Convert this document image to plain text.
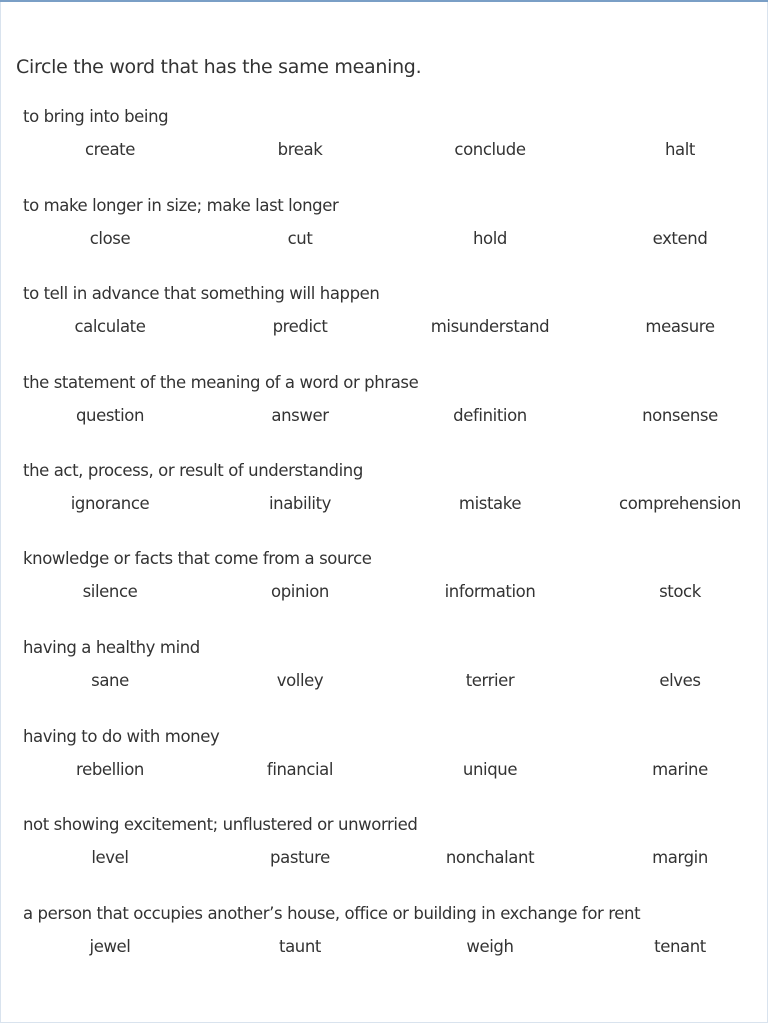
Circle the word that has the same meaning.
to bring into being
create	break	conclude	halt
to make longer in size; make last longer
close	cut	hold	extend
to tell in advance that something will happen
calculate	predict	misunderstand	measure
the statement of the meaning of a word or phrase
question	answer	definition	nonsense
the act, process, or result of understanding
ignorance	inability	mistake	comprehension
knowledge or facts that come from a source
silence	opinion	information	stock
having a healthy mind
sane	volley	terrier	elves
having to do with money
rebellion	financial	unique	marine
not showing excitement; unflustered or unworried
level	pasture	nonchalant	margin
a person that occupies another’s house, office or building in exchange for rent
jewel	taunt	weigh	tenant
